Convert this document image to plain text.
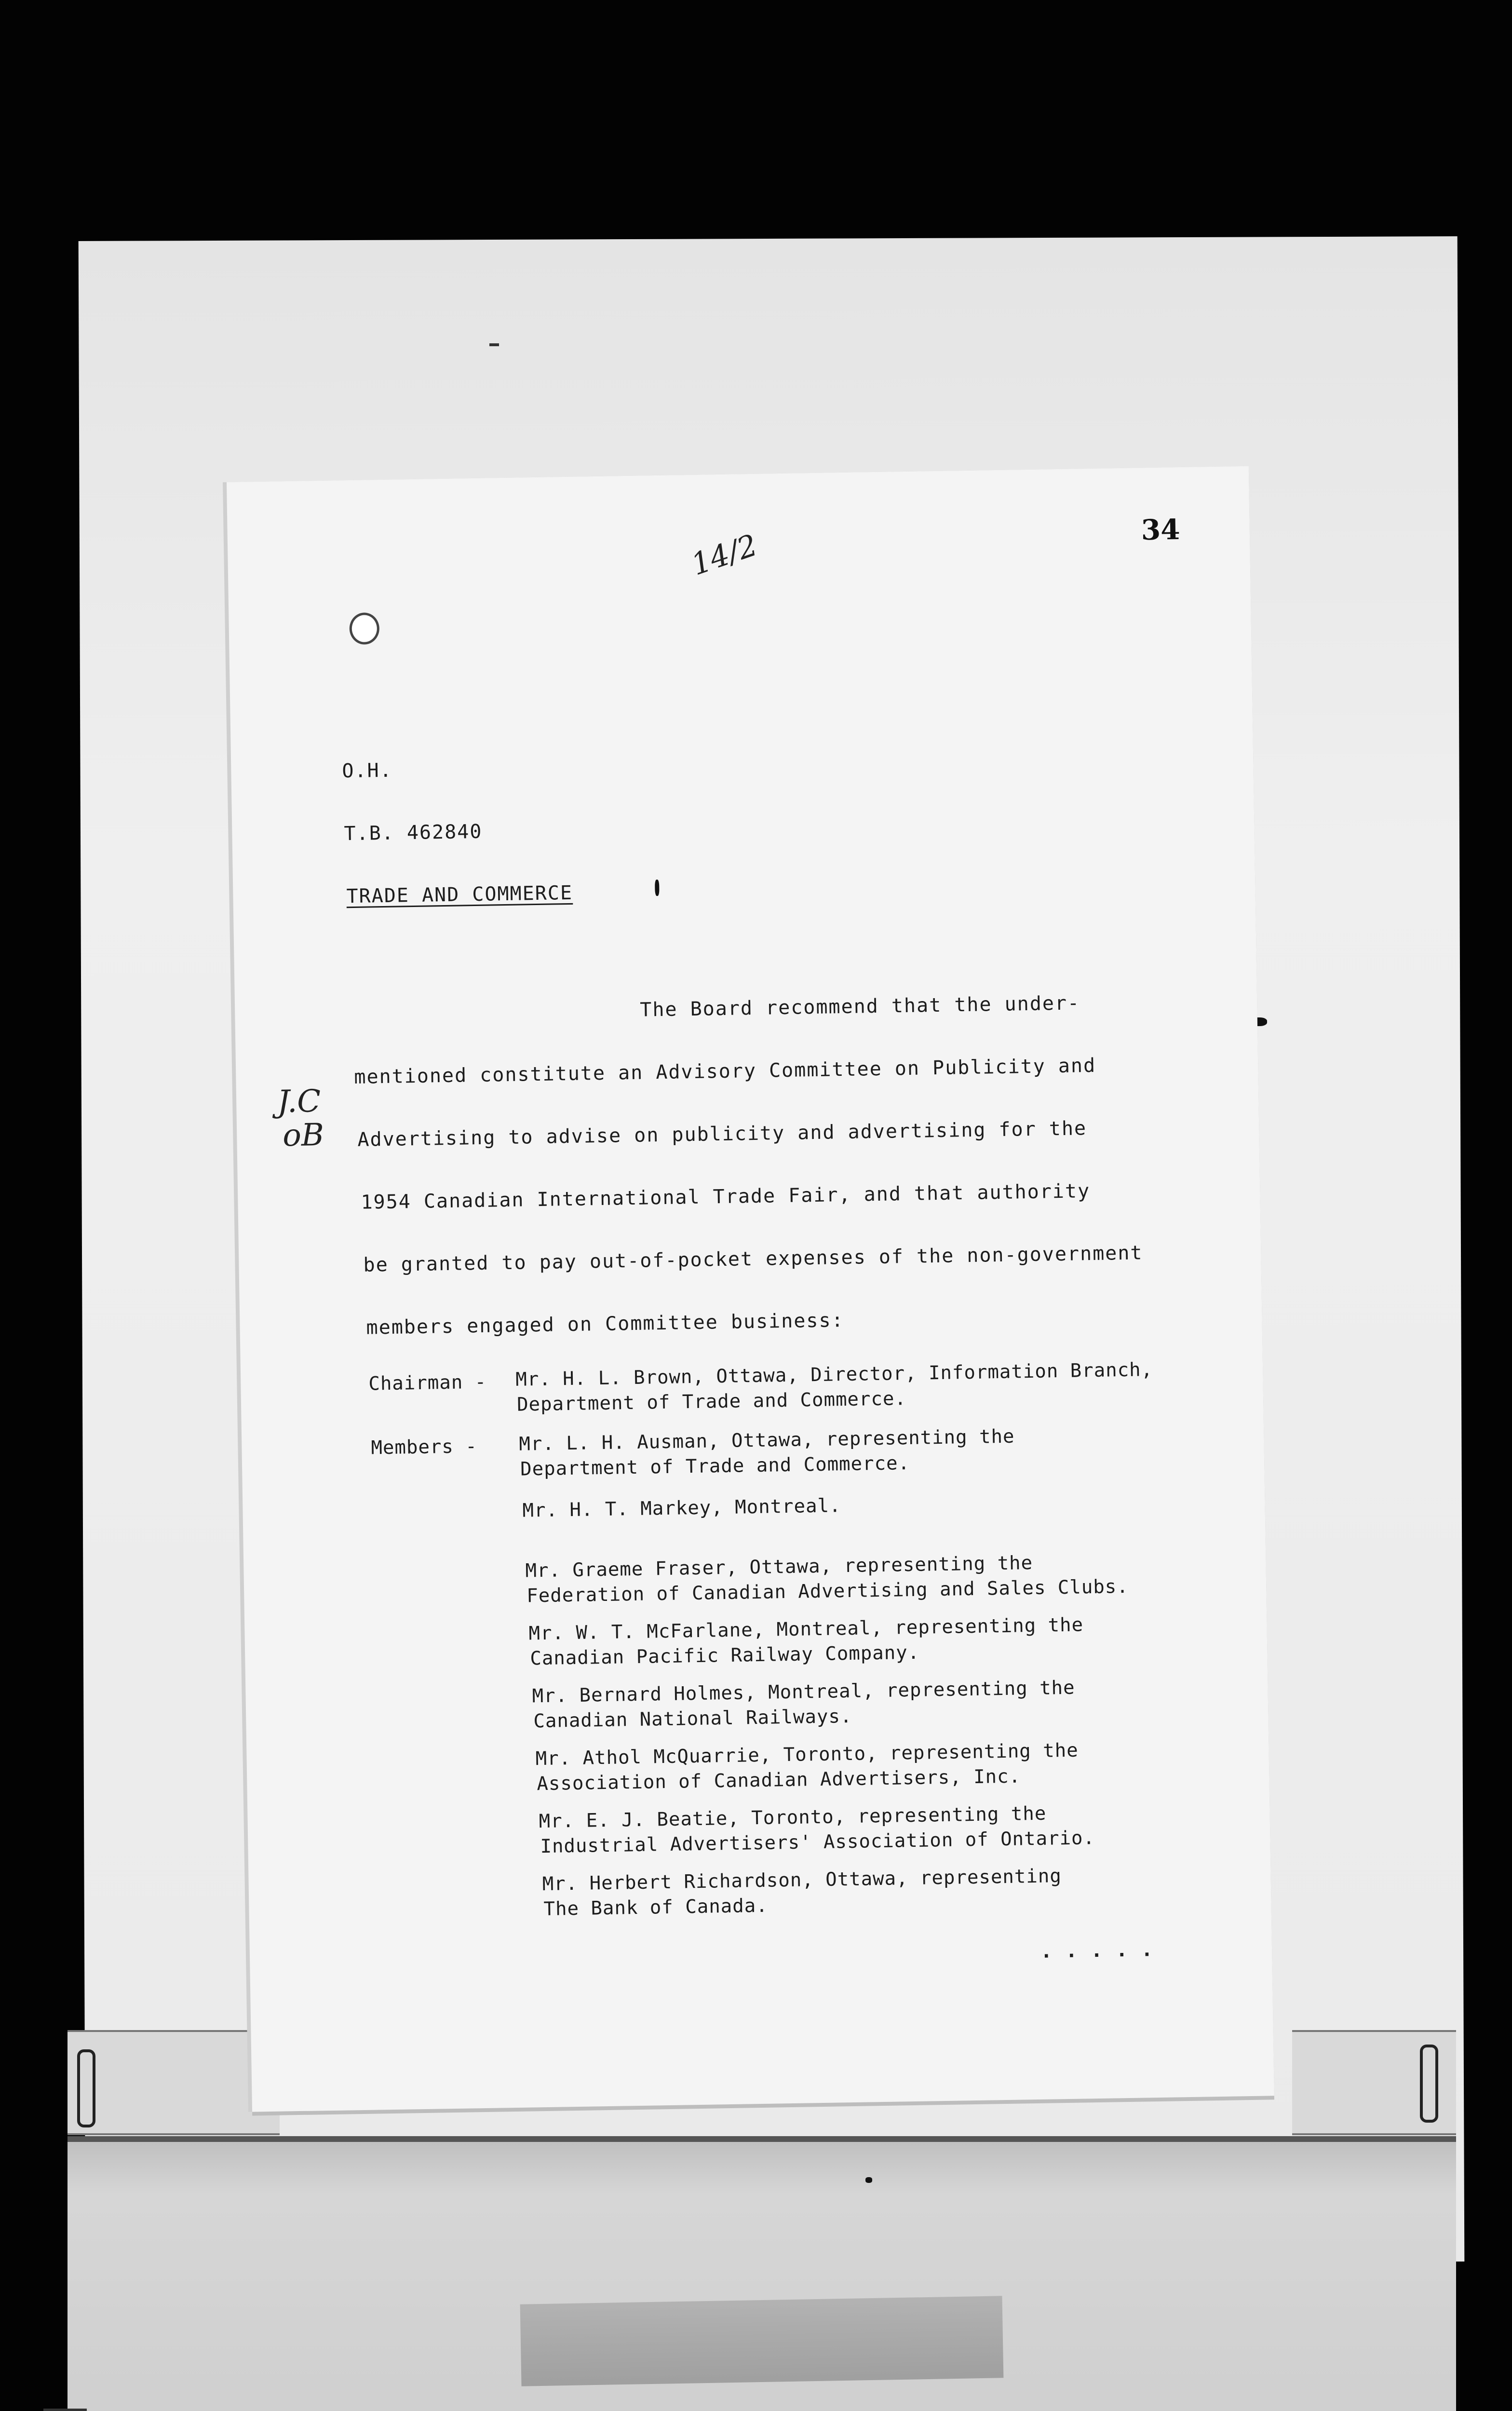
34
14/2
O.H.
T.B. 462840
TRADE AND COMMERCE
The Board recommend that the under-
mentioned constitute an Advisory Committee on Publicity and
Advertising to advise on publicity and advertising for the
1954 Canadian International Trade Fair, and that authority
be granted to pay out-of-pocket expenses of the non-government
members engaged on Committee business:
J.C
oB
Chairman - Mr. H. L. Brown, Ottawa, Director, Information Branch,
Department of Trade and Commerce.
Members - Mr. L. H. Ausman, Ottawa, representing the
Department of Trade and Commerce.
Mr. H. T. Markey, Montreal.
Mr. Graeme Fraser, Ottawa, representing the
Federation of Canadian Advertising and Sales Clubs.
Mr. W. T. McFarlane, Montreal, representing the
Canadian Pacific Railway Company.
Mr. Bernard Holmes, Montreal, representing the
Canadian National Railways.
Mr. Athol McQuarrie, Toronto, representing the
Association of Canadian Advertisers, Inc.
Mr. E. J. Beatie, Toronto, representing the
Industrial Advertisers' Association of Ontario.
Mr. Herbert Richardson, Ottawa, representing
The Bank of Canada.
. . . . .
